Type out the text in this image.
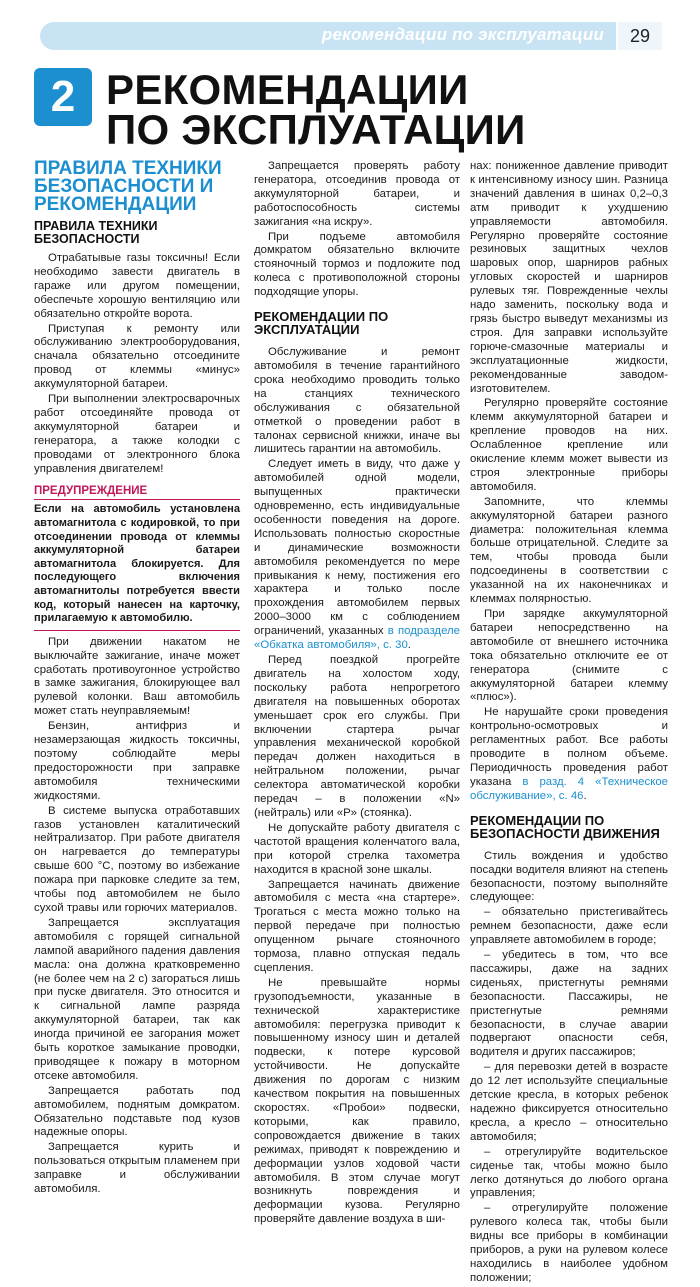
рекомендации по эксплуатации	29
2 РЕКОМЕНДАЦИИ
ПО ЭКСПЛУАТАЦИИ
ПРАВИЛА ТЕХНИКИ БЕЗОПАСНОСТИ И РЕКОМЕНДАЦИИ
ПРАВИЛА ТЕХНИКИ БЕЗОПАСНОСТИ

Отрабатывые газы токсичны! Если необходимо завести двигатель в гараже или другом помещении, обеспечьте хорошую вентиляцию или обязательно откройте ворота.

Приступая к ремонту или обслуживанию электрооборудования, сначала обязательно отсоедините провод от клеммы «минус» аккумуляторной батареи.

При выполнении электросварочных работ отсоединяйте провода от аккумуляторной батареи и генератора, а также колодки с проводами от электронного блока управления двигателем!

ПРЕДУПРЕЖДЕНИЕ
Если на автомобиль установлена автомагнитола с кодировкой, то при отсоединении провода от клеммы аккумуляторной батареи автомагнитола блокируется. Для последующего включения автомагнитолы потребуется ввести код, который нанесен на карточку, прилагаемую к автомобилю.

При движении накатом не выключайте зажигание, иначе может сработать противоугонное устройство в замке зажигания, блокирующее вал рулевой колонки. Ваш автомобиль может стать неуправляемым!

Бензин, антифриз и незамерзающая жидкость токсичны, поэтому соблюдайте меры предосторожности при заправке автомобиля техническими жидкостями.

В системе выпуска отработавших газов установлен каталитический нейтрализатор. При работе двигателя он нагревается до температуры свыше 600 °С, поэтому во избежание пожара при парковке следите за тем, чтобы под автомобилем не было сухой травы или горючих материалов.

Запрещается эксплуатация автомобиля с горящей сигнальной лампой аварийного падения давления масла: она должна кратковременно (не более чем на 2 с) загораться лишь при пуске двигателя. Это относится и к сигнальной лампе разряда аккумуляторной батареи, так как иногда причиной ее загорания может быть короткое замыкание проводки, приводящее к пожару в моторном отсеке автомобиля.

Запрещается работать под автомобилем, поднятым домкратом. Обязательно подставьте под кузов надежные опоры.

Запрещается курить и пользоваться открытым пламенем при заправке и обслуживании автомобиля.

Запрещается проверять работу генератора, отсоединив провода от аккумуляторной батареи, и работоспособность системы зажигания «на искру».

При подъеме автомобиля домкратом обязательно включите стояночный тормоз и подложите под колеса с противоположной стороны подходящие упоры.

РЕКОМЕНДАЦИИ ПО ЭКСПЛУАТАЦИИ

Обслуживание и ремонт автомобиля в течение гарантийного срока необходимо проводить только на станциях технического обслуживания с обязательной отметкой о проведении работ в талонах сервисной книжки, иначе вы лишитесь гарантии на автомобиль.

Следует иметь в виду, что даже у автомобилей одной модели, выпущенных практически одновременно, есть индивидуальные особенности поведения на дороге. Использовать полностью скоростные и динамические возможности автомобиля рекомендуется по мере привыкания к нему, постижения его характера и только после прохождения автомобилем первых 2000–3000 км с соблюдением ограничений, указанных в подразделе «Обкатка автомобиля», с. 30.

Перед поездкой прогрейте двигатель на холостом ходу, поскольку работа непрогретого двигателя на повышенных оборотах уменьшает срок его службы. При включении стартера рычаг управления механической коробкой передач должен находиться в нейтральном положении, рычаг селектора автоматической коробки передач – в положении «N» (нейтраль) или «P» (стоянка).

Не допускайте работу двигателя с частотой вращения коленчатого вала, при которой стрелка тахометра находится в красной зоне шкалы.

Запрещается начинать движение автомобиля с места «на стартере». Трогаться с места можно только на первой передаче при полностью опущенном рычаге стояночного тормоза, плавно отпуская педаль сцепления.

Не превышайте нормы грузоподъемности, указанные в технической характеристике автомобиля: перегрузка приводит к повышенному износу шин и деталей подвески, к потере курсовой устойчивости. Не допускайте движения по дорогам с низким качеством покрытия на повышенных скоростях. «Пробои» подвески, которыми, как правило, сопровождается движение в таких режимах, приводят к повреждению и деформации узлов ходовой части автомобиля. В этом случае могут возникнуть повреждения и деформации кузова. Регулярно проверяйте давление воздуха в ши-

нах: пониженное давление приводит к интенсивному износу шин. Разница значений давления в шинах 0,2–0,3 атм приводит к ухудшению управляемости автомобиля. Регулярно проверяйте состояние резиновых защитных чехлов шаровых опор, шарниров рабных угловых скоростей и шарниров рулевых тяг. Поврежденные чехлы надо заменить, поскольку вода и грязь быстро выведут механизмы из строя. Для заправки используйте горюче-смазочные материалы и эксплуатационные жидкости, рекомендованные заводом-изготовителем.

Регулярно проверяйте состояние клемм аккумуляторной батареи и крепление проводов на них. Ослабленное крепление или окисление клемм может вывести из строя электронные приборы автомобиля.

Запомните, что клеммы аккумуляторной батареи разного диаметра: положительная клемма больше отрицательной. Следите за тем, чтобы провода были подсоединены в соответствии с указанной на их наконечниках и клеммах полярностью.

При зарядке аккумуляторной батареи непосредственно на автомобиле от внешнего источника тока обязательно отключите ее от генератора (снимите с аккумуляторной батареи клемму «плюс»).

Не нарушайте сроки проведения контрольно-осмотровых и регламентных работ. Все работы проводите в полном объеме. Периодичность проведения работ указана в разд. 4 «Техническое обслуживание», с. 46.

РЕКОМЕНДАЦИИ ПО БЕЗОПАСНОСТИ ДВИЖЕНИЯ

Стиль вождения и удобство посадки водителя влияют на степень безопасности, поэтому выполняйте следующее:

– обязательно пристегивайтесь ремнем безопасности, даже если управляете автомобилем в городе;

– убедитесь в том, что все пассажиры, даже на задних сиденьях, пристегнуты ремнями безопасности. Пассажиры, не пристегнутые ремнями безопасности, в случае аварии подвергают опасности себя, водителя и других пассажиров;

– для перевозки детей в возрасте до 12 лет используйте специальные детские кресла, в которых ребенок надежно фиксируется относительно кресла, а кресло – относительно автомобиля;

– отрегулируйте водительское сиденье так, чтобы можно было легко дотянуться до любого органа управления;

– отрегулируйте положение рулевого колеса так, чтобы были видны все приборы в комбинации приборов, а руки на рулевом колесе находились в наиболее удобном положении;
